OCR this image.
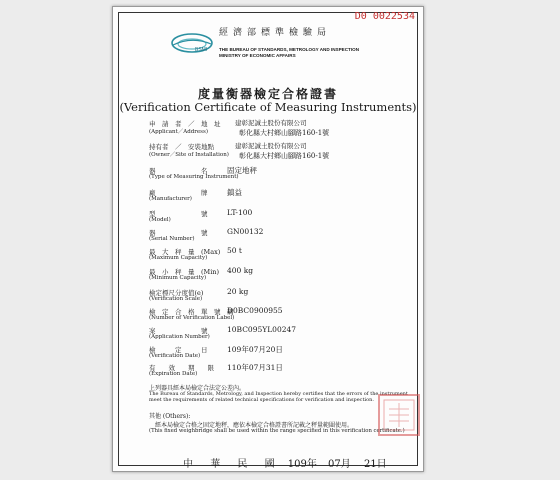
D0 0022534
BSMI
經濟部標準檢驗局
THE BUREAU OF STANDARDS, METROLOGY AND INSPECTION
MINISTRY OF ECONOMIC AFFAIRS
度量衡器檢定合格證書
(Verification Certificate of Measuring Instruments)
申　請　者　／　地　址
(Applicant／Address)
建彰泥誠土股份有限公司
彰化縣大村鄉山腳路160-1號
持有者　／　安裝地點
(Owner／Site of Installation)
建彰泥誠土股份有限公司
彰化縣大村鄉山腳路160-1號
器　　　　　　　名
(Type of Measuring Instrument)
固定地秤
廠　　　　　　　牌
(Manufacturer)
鎮益
型　　　　　　　號
(Model)
LT-100
器　　　　　　　號
(Serial Number)
GN00132
最　大　秤　量　(Max)
(Maximum Capacity)
50 t
最　小　秤　量　(Min)
(Minimum Capacity)
400 kg
檢定標尺分度值(e)
(Verification Scale)
20 kg
檢　定　合　格　單　號　碼
(Number of Verification Label)
D0BC0900955
案　　　　　　　號
(Application Number)
10BC095YL00247
檢　　　定　　　日
(Verification Date)
109年07月20日
有　　效　　期　　限
(Expiration Date)
110年07月31日
上列器具經本局檢定合法定公差內。
The Bureau of Standards, Metrology, and Inspection hereby certifies that the errors of the instrument meet the requirements of related technical specifications for verification and inspection.
其他 (Others):
經本局檢定合格之固定地秤，應依本檢定合格證書所記載之秤量範圍使用。
(This fixed weighbridge shall be used within the range specified in this verification certificate.)
中 華 民 國 109年 07月 21日
